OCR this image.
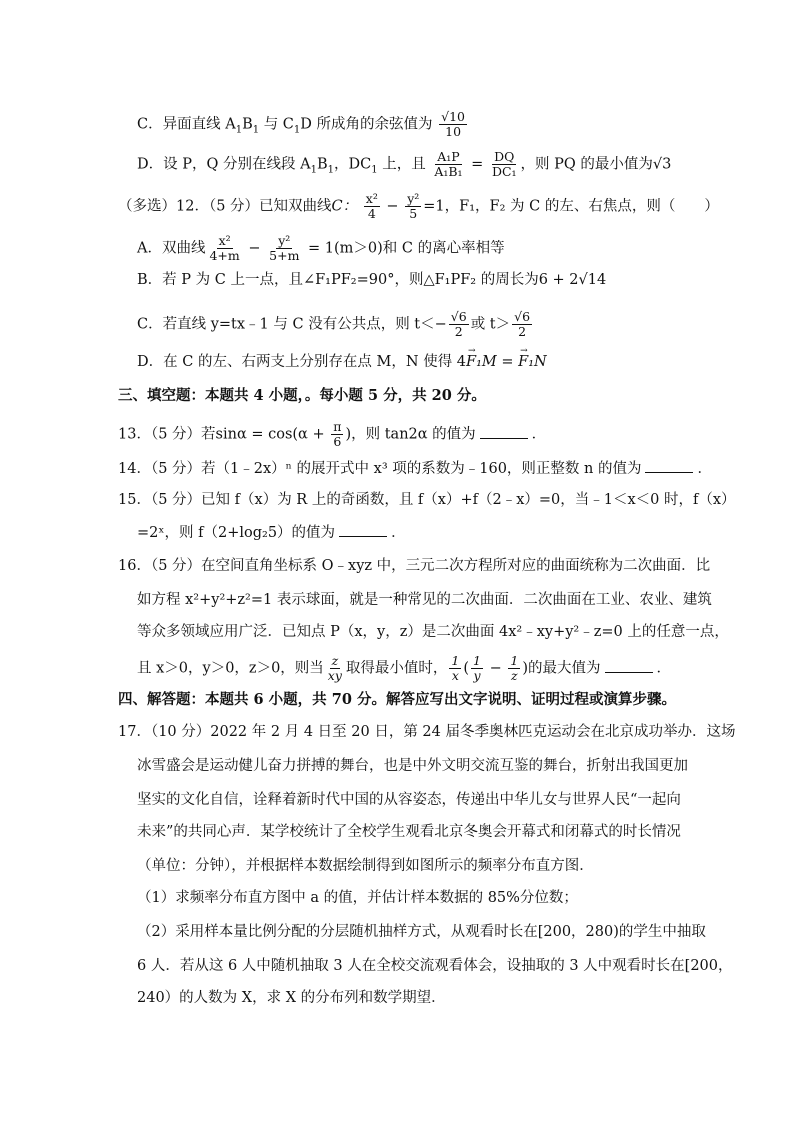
C．异面直线 $A_1B_1$ 与 $C_1D$ 所成角的余弦值为 $\frac{√10}{10}$
D．设 P，Q 分别在线段 $A_1B_1$，$DC_1$ 上，且 $\frac{\text{A₁P}}{\text{A₁B₁}} = \frac{DQ}{\text{DC₁}}$ ，则 PQ 的最小值为√3
（多选）12．（5 分）已知双曲线C： $\frac{\text{x²}}{4} - \frac{\text{y²}}{5} =1$，F₁，F₂ 为 C 的左、右焦点，则（　　）
A．双曲线 $\frac{\text{x²}}{4+m} - \frac{\text{y²}}{5+m} = 1(m>0)$和 C 的离心率相等
B．若 P 为 C 上一点，且∠F₁PF₂=90°，则△F₁PF₂ 的周长为6 + 2√14
C．若直线 y=tx﹣1 与 C 没有公共点，则 $t<- \frac{√6}{2}$ 或 $t> \frac{√6}{2}$
D．在 C 的左、右两支上分别存在点 M，N 使得 4→ F₁M = → F₁N
三、填空题：本题共 4 小题，。每小题 5 分，共 20 分。
13．（5 分）若$\sin\alpha = \cos(\alpha + \frac{\pi}{6}$ )，则 tan2α 的值为	．
14．（5 分）若（1﹣2x）ⁿ 的展开式中 x³ 项的系数为﹣160，则正整数 n 的值为	．
15．（5 分）已知 f（x）为 R 上的奇函数，且 f（x）+f（2﹣x）=0，当﹣1＜x＜0 时，f（x）
=2ˣ，则 f（2+log₂5）的值为	．
16．（5 分）在空间直角坐标系 O﹣xyz 中，三元二次方程所对应的曲面统称为二次曲面．比
如方程 x²+y²+z²=1 表示球面，就是一种常见的二次曲面．二次曲面在工业、农业、建筑
等众多领域应用广泛．已知点 P（x，y，z）是二次曲面 4x²﹣xy+y²﹣z=0 上的任意一点，
且 x＞0，y＞0，z＞0，则当 $\frac{z}{xy}$ 取得最小值时， $\frac{1}{x}$ ( $\frac{1}{y} - \frac{1}{z}$ )的最大值为	．
四、解答题：本题共 6 小题，共 70 分。解答应写出文字说明、证明过程或演算步骤。
17．（10 分）2022 年 2 月 4 日至 20 日，第 24 届冬季奥林匹克运动会在北京成功举办．这场
冰雪盛会是运动健儿奋力拼搏的舞台，也是中外文明交流互鉴的舞台，折射出我国更加
坚实的文化自信，诠释着新时代中国的从容姿态，传递出中华儿女与世界人民“一起向
未来”的共同心声．某学校统计了全校学生观看北京冬奥会开幕式和闭幕式的时长情况
（单位：分钟），并根据样本数据绘制得到如图所示的频率分布直方图．
（1）求频率分布直方图中 a 的值，并估计样本数据的 85%分位数；
（2）采用样本量比例分配的分层随机抽样方式，从观看时长在[200，280)的学生中抽取
6 人．若从这 6 人中随机抽取 3 人在全校交流观看体会，设抽取的 3 人中观看时长在[200，
240）的人数为 X，求 X 的分布列和数学期望．
